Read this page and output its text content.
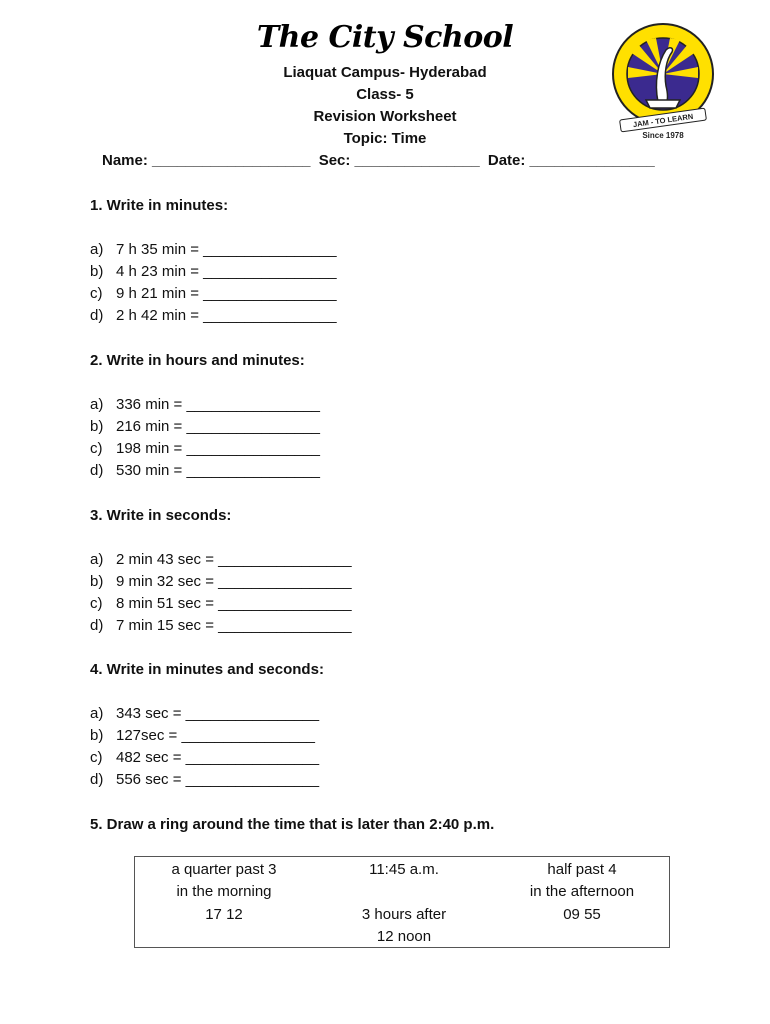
The City School
Liaquat Campus- Hyderabad
Class- 5
Revision Worksheet
Topic: Time
Name: ___________________ Sec: _______________ Date: _______________
JAM - TO LEARN
Since 1978
1. Write in minutes:
a) 7 h 35 min = ________________
b) 4 h 23 min = ________________
c) 9 h 21 min = ________________
d) 2 h 42 min = ________________
2. Write in hours and minutes:
a) 336 min = ________________
b) 216 min = ________________
c) 198 min = ________________
d) 530 min = ________________
3. Write in seconds:
a) 2 min 43 sec = ________________
b) 9 min 32 sec = ________________
c) 8 min 51 sec = ________________
d) 7 min 15 sec = ________________
4. Write in minutes and seconds:
a) 343 sec = ________________
b) 127sec = ________________
c) 482 sec = ________________
d) 556 sec = ________________
5. Draw a ring around the time that is later than 2:40 p.m.
a quarter past 3
in the morning
17 12
11:45 a.m.
3 hours after
12 noon
half past 4
in the afternoon
09 55
